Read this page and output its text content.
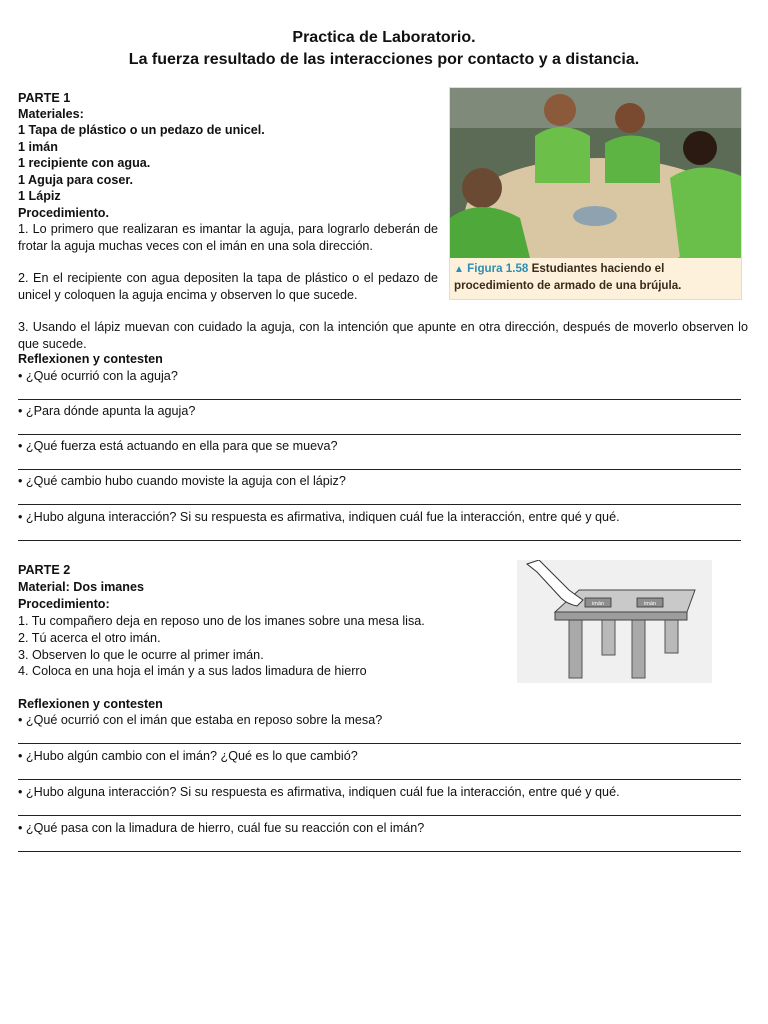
Practica de Laboratorio.
La fuerza resultado de las interacciones por contacto y a distancia.
PARTE 1
Materiales:
1 Tapa de plástico o un pedazo de unicel.
1 imán
1 recipiente con agua.
1 Aguja para coser.
1 Lápiz
Procedimiento.
1. Lo primero que realizaran es imantar la aguja, para lograrlo deberán de frotar la aguja muchas veces con el imán en una sola dirección.
2. En el recipiente con agua depositen la tapa de plástico o el pedazo de unicel y coloquen la aguja encima y observen lo que sucede.
3. Usando el lápiz muevan con cuidado la aguja, con la intención que apunte en otra dirección, después de moverlo observen lo que sucede.
Reflexionen y contesten
• ¿Qué ocurrió con la aguja?
• ¿Para dónde apunta la aguja?
• ¿Qué fuerza está actuando en ella para que se mueva?
• ¿Qué cambio hubo cuando moviste la aguja con el lápiz?
• ¿Hubo alguna interacción? Si su respuesta es afirmativa, indiquen cuál fue la interacción, entre qué y qué.
▲ Figura 1.58 Estudiantes haciendo el procedimiento de armado de una brújula.
PARTE 2
Material: Dos imanes
Procedimiento:
1. Tu compañero deja en reposo uno de los imanes sobre una mesa lisa.
2. Tú acerca el otro imán.
3. Observen lo que le ocurre al primer imán.
4. Coloca en una hoja el imán y a sus lados limadura de hierro
imán	imán
Reflexionen y contesten
• ¿Qué ocurrió con el imán que estaba en reposo sobre la mesa?
• ¿Hubo algún cambio con el imán? ¿Qué es lo que cambió?
• ¿Hubo alguna interacción? Si su respuesta es afirmativa, indiquen cuál fue la interacción, entre qué y qué.
• ¿Qué pasa con la limadura de hierro, cuál fue su reacción con el imán?
